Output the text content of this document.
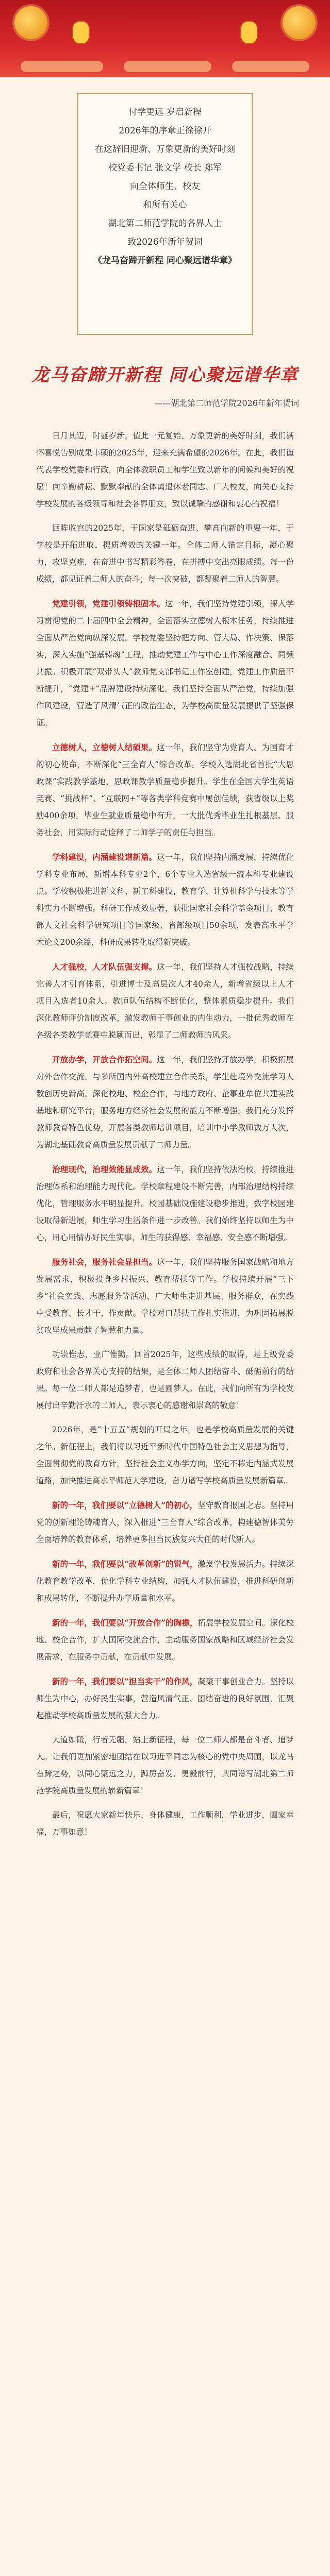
付学更远 岁启新程
2026年的序章正徐徐开
在这辞旧迎新、万象更新的美好时刻
校党委书记 张文学 校长 郑军
向全体师生、校友
和所有关心
湖北第二师范学院的各界人士
致2026年新年贺词
《龙马奋蹄开新程 同心聚远谱华章》
龙马奋蹄开新程 同心聚远谱华章
——湖北第二师范学院2026年新年贺词

日月其迈，时盛岁新。值此一元复始、万象更新的美好时刻，我们满怀喜悦告别成果丰硕的2025年，迎来充满希望的2026年。在此，我们谨代表学校党委和行政，向全体教职员工和学生致以新年的问候和美好的祝愿！向辛勤耕耘、默默奉献的全体离退休老同志、广大校友，向关心支持学校发展的各级领导和社会各界朋友，致以诚挚的感谢和衷心的祝福！

回眸收官的2025年，于国家是砥砺奋进、攀高向新的重要一年，于学校是开拓进取、提质增效的关键一年。全体二师人锚定目标，凝心聚力，攻坚克难，在奋进中书写精彩答卷，在拼搏中交出亮眼成绩。每一份成绩，都见证着二师人的奋斗；每一次突破，都凝聚着二师人的智慧。

党建引领，党建引领铸根固本。这一年，我们坚持党建引领，深入学习贯彻党的二十届四中全会精神，全面落实立德树人根本任务，持续推进全面从严治党向纵深发展。学校党委坚持把方向、管大局、作决策、保落实，深入实施“强基铸魂”工程，推动党建工作与中心工作深度融合、同频共振。积极开展“双带头人”教师党支部书记工作室创建，党建工作质量不断提升，“党建+”品牌建设持续深化。我们坚持全面从严治党，持续加强作风建设，营造了风清气正的政治生态，为学校高质量发展提供了坚强保证。

立德树人，立德树人结硕果。这一年，我们坚守为党育人、为国育才的初心使命，不断深化“三全育人”综合改革。学校入选湖北省首批“大思政课”实践教学基地，思政课教学质量稳步提升。学生在全国大学生英语竞赛、“挑战杯”、“互联网+”等各类学科竞赛中屡创佳绩，获省级以上奖励400余项。毕业生就业质量稳中有升，一大批优秀毕业生扎根基层、服务社会，用实际行动诠释了二师学子的责任与担当。

学科建设，内涵建设谱新篇。这一年，我们坚持内涵发展，持续优化学科专业布局，新增本科专业2个，6个专业入选省级一流本科专业建设点。学校积极推进新文科、新工科建设，教育学、计算机科学与技术等学科实力不断增强。科研工作成效显著，获批国家社会科学基金项目、教育部人文社会科学研究项目等国家级、省部级项目50余项，发表高水平学术论文200余篇，科研成果转化取得新突破。

人才强校，人才队伍强支撑。这一年，我们坚持人才强校战略，持续完善人才引育体系，引进博士及高层次人才40余人，新增省级以上人才项目入选者10余人。教师队伍结构不断优化，整体素质稳步提升。我们深化教师评价制度改革，激发教师干事创业的内生动力，一批优秀教师在各级各类教学竞赛中脱颖而出，彰显了二师教师的风采。

开放办学，开放合作拓空间。这一年，我们坚持开放办学，积极拓展对外合作交流。与多所国内外高校建立合作关系，学生赴境外交流学习人数创历史新高。深化校地、校企合作，与地方政府、企事业单位共建实践基地和研究平台，服务地方经济社会发展的能力不断增强。我们充分发挥教师教育特色优势，开展各类教师培训项目，培训中小学教师数万人次，为湖北基础教育高质量发展贡献了二师力量。

治理现代，治理效能显成效。这一年，我们坚持依法治校，持续推进治理体系和治理能力现代化。学校章程建设不断完善，内部治理结构持续优化，管理服务水平明显提升。校园基础设施建设稳步推进，数字校园建设取得新进展，师生学习生活条件进一步改善。我们始终坚持以师生为中心，用心用情办好民生实事，师生的获得感、幸福感、安全感不断增强。

服务社会，服务社会显担当。这一年，我们坚持服务国家战略和地方发展需求，积极投身乡村振兴、教育帮扶等工作。学校持续开展“三下乡”社会实践、志愿服务等活动，广大师生走进基层、服务群众，在实践中受教育、长才干、作贡献。学校对口帮扶工作扎实推进，为巩固拓展脱贫攻坚成果贡献了智慧和力量。

功崇惟志，业广惟勤。回首2025年，这些成绩的取得，是上级党委政府和社会各界关心支持的结果，是全体二师人团结奋斗、砥砺前行的结果。每一位二师人都是追梦者，也是圆梦人。在此，我们向所有为学校发展付出辛勤汗水的二师人，表示衷心的感谢和崇高的敬意！

2026年，是“十五五”规划的开局之年，也是学校高质量发展的关键之年。新征程上，我们将以习近平新时代中国特色社会主义思想为指导，全面贯彻党的教育方针，坚持社会主义办学方向，坚定不移走内涵式发展道路，加快推进高水平师范大学建设，奋力谱写学校高质量发展新篇章。

新的一年，我们要以“立德树人”的初心，坚守教育报国之志。坚持用党的创新理论铸魂育人，深入推进“三全育人”综合改革，构建德智体美劳全面培养的教育体系，培养更多担当民族复兴大任的时代新人。

新的一年，我们要以“改革创新”的锐气，激发学校发展活力。持续深化教育教学改革，优化学科专业结构，加强人才队伍建设，推进科研创新和成果转化，不断提升办学质量和水平。

新的一年，我们要以“开放合作”的胸襟，拓展学校发展空间。深化校地、校企合作，扩大国际交流合作，主动服务国家战略和区域经济社会发展需求，在服务中贡献，在贡献中发展。

新的一年，我们要以“担当实干”的作风，凝聚干事创业合力。坚持以师生为中心，办好民生实事，营造风清气正、团结奋进的良好氛围，汇聚起推动学校高质量发展的强大合力。

大道如砥，行者无疆。站上新征程，每一位二师人都是奋斗者、追梦人。让我们更加紧密地团结在以习近平同志为核心的党中央周围，以龙马奋蹄之势，以同心聚远之力，踔厉奋发、勇毅前行，共同谱写湖北第二师范学院高质量发展的崭新篇章！

最后，祝愿大家新年快乐，身体健康，工作顺利，学业进步，阖家幸福，万事如意！
